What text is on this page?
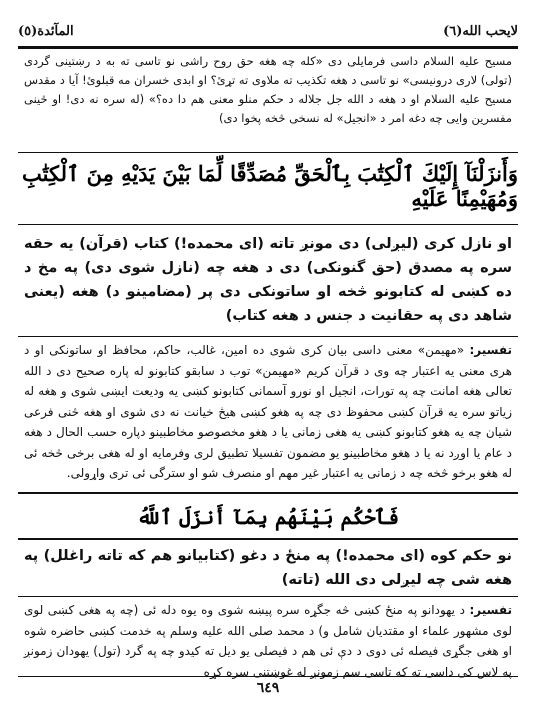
المآئدة(٥)	لايحب الله(٦)
مسیح علیه السلام داسی فرمایلی دی «کله چه هغه حق روح راشی نو تاسی ته به د رښتینی گردی (تولی) لاری درونیسی» نو تاسی د هغه تکذیب ته ملاوی ته تړئ؟ او ابدی خسران مه قبلوئ! آیا د مقدس مسیح علیه السلام او د هغه د الله جل جلاله د حکم منلو معنی هم دا ده؟» (له سره نه دی! او څینی مفسرین وایی چه دغه امر د «انجیل» له نسخی څخه پخوا دی)
وَأَنزَلْنَآ إِلَيْكَ ٱلْكِتَٰبَ بِٱلْحَقِّ مُصَدِّقًا لِّمَا بَيْنَ يَدَيْهِ مِنَ ٱلْكِتَٰبِ وَمُهَيْمِنًا عَلَيْهِ
او نازل کری (لیږلی) دی مونږ تاته (ای محمده!) کتاب (قرآن) یه حقه سره په مصدق (حق گنونکی) دی د هغه چه (نازل شوی دی) په مخ د ده کښی له کتابونو څخه او ساتونکی دی پر (مضامینو د) هغه (یعنی شاهد دی په حقانیت د جنس د هغه کتاب)
تفسیر: «مهیمن» معنی داسی بیان کری شوی ده امین، غالب، حاکم، محافظ او ساتونکی او د هری معنی یه اعتبار چه وی د قرآن کریم «مهیمن» توب د سابقو کتابونو له پاره صحیح دی د الله تعالی هغه امانت چه په تورات، انجیل او نورو آسمانی کتابونو کښی یه ودیعت ایښی شوی و هغه له زیاتو سره یه قرآن کښی محفوظ دی چه په هغو کښی هیڅ خیانت نه دی شوی او هغه څنی فرعی شیان چه یه هغو کتابونو کښی یه هغی زمانی یا د هغو مخصوصو مخاطبینو دپاره حسب الحال د هغه د عام یا اوږد نه یا د هغو مخاطبینو یو مضمون تفسیلا تطبیق لری وفرمایه او له هغی برخی څخه ئی له هغو برخو څخه چه د زمانی یه اعتبار غیر مهم او منصرف شو او سترگی ئی تری واړولی.
فَٱحْكُم بَيْنَهُم بِمَآ أَنزَلَ ٱللَّهُ
نو حکم کوه (ای محمده!) په منځ د دغو (کتابیانو هم که تاته راغلل) په هغه شی چه لیږلی دی الله (تاته)
تفسیر: د یهودانو په منځ کښی څه جگړه سره پیښه شوی وه یوه دله ئی (چه په هغی کښی لوی لوی مشهور علماء او مقتدیان شامل و) د محمد صلی الله علیه وسلم په خدمت کښی حاضره شوه او هغی جگړی فیصله ئی دوی د دې ئی هم د فیصلی یو دیل ته کیدو چه په گرد (تول) یهودان زمونږ په لاس کی داسی ته که تاسی سم زمونږ له غوښتنی سره کړه
٦٤٩
